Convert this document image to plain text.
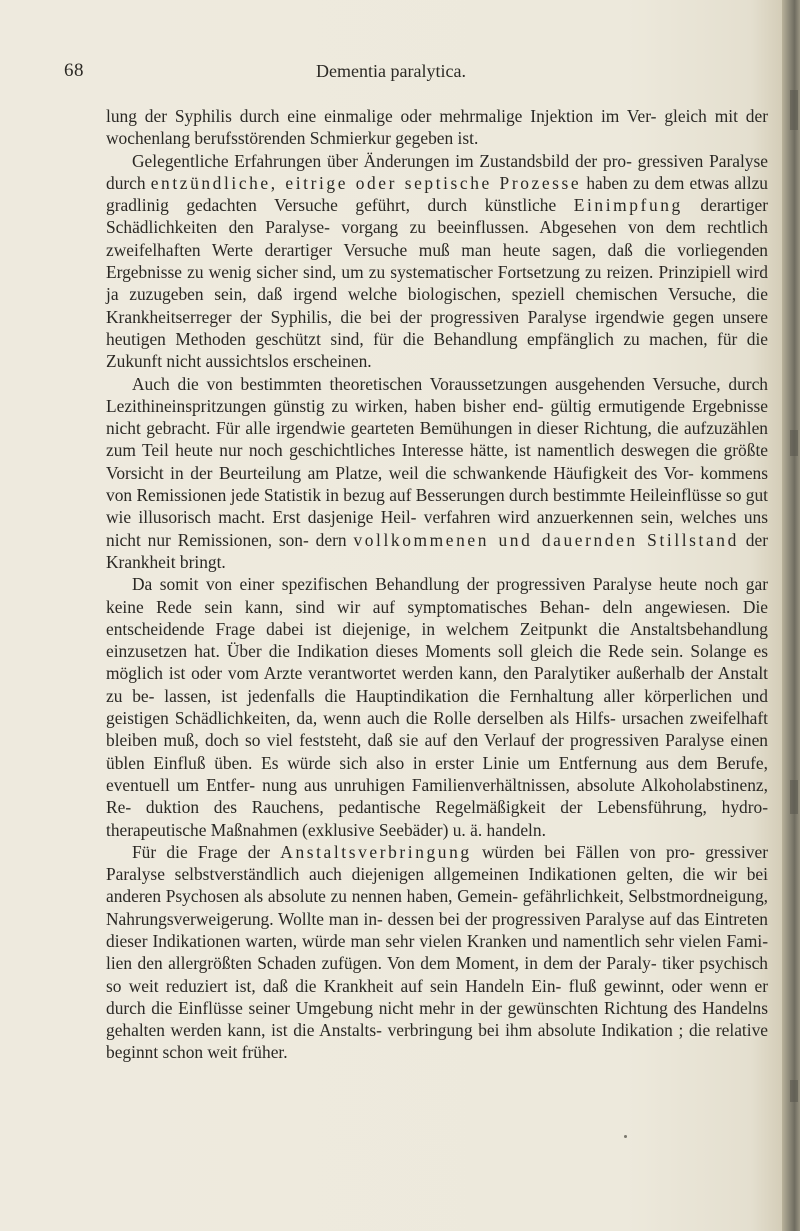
68	Dementia paralytica.

lung der Syphilis durch eine einmalige oder mehrmalige Injektion im Ver- gleich mit der wochenlang berufsstörenden Schmierkur gegeben ist.

Gelegentliche Erfahrungen über Änderungen im Zustandsbild der pro- gressiven Paralyse durch entzündliche, eitrige oder septische Prozesse haben zu dem etwas allzu gradlinig gedachten Versuche geführt, durch künstliche Einimpfung derartiger Schädlichkeiten den Paralyse- vorgang zu beeinflussen. Abgesehen von dem rechtlich zweifelhaften Werte derartiger Versuche muß man heute sagen, daß die vorliegenden Ergebnisse zu wenig sicher sind, um zu systematischer Fortsetzung zu reizen. Prinzipiell wird ja zuzugeben sein, daß irgend welche biologischen, speziell chemischen Versuche, die Krankheitserreger der Syphilis, die bei der progressiven Paralyse irgendwie gegen unsere heutigen Methoden geschützt sind, für die Behandlung empfänglich zu machen, für die Zukunft nicht aussichtslos erscheinen.

Auch die von bestimmten theoretischen Voraussetzungen ausgehenden Versuche, durch Lezithineinspritzungen günstig zu wirken, haben bisher end- gültig ermutigende Ergebnisse nicht gebracht. Für alle irgendwie gearteten Bemühungen in dieser Richtung, die aufzuzählen zum Teil heute nur noch geschichtliches Interesse hätte, ist namentlich deswegen die größte Vorsicht in der Beurteilung am Platze, weil die schwankende Häufigkeit des Vor- kommens von Remissionen jede Statistik in bezug auf Besserungen durch bestimmte Heileinflüsse so gut wie illusorisch macht. Erst dasjenige Heil- verfahren wird anzuerkennen sein, welches uns nicht nur Remissionen, son- dern vollkommenen und dauernden Stillstand der Krankheit bringt.

Da somit von einer spezifischen Behandlung der progressiven Paralyse heute noch gar keine Rede sein kann, sind wir auf symptomatisches Behan- deln angewiesen. Die entscheidende Frage dabei ist diejenige, in welchem Zeitpunkt die Anstaltsbehandlung einzusetzen hat. Über die Indikation dieses Moments soll gleich die Rede sein. Solange es möglich ist oder vom Arzte verantwortet werden kann, den Paralytiker außerhalb der Anstalt zu be- lassen, ist jedenfalls die Hauptindikation die Fernhaltung aller körperlichen und geistigen Schädlichkeiten, da, wenn auch die Rolle derselben als Hilfs- ursachen zweifelhaft bleiben muß, doch so viel feststeht, daß sie auf den Verlauf der progressiven Paralyse einen üblen Einfluß üben. Es würde sich also in erster Linie um Entfernung aus dem Berufe, eventuell um Entfer- nung aus unruhigen Familienverhältnissen, absolute Alkoholabstinenz, Re- duktion des Rauchens, pedantische Regelmäßigkeit der Lebensführung, hydro- therapeutische Maßnahmen (exklusive Seebäder) u. ä. handeln.

Für die Frage der Anstaltsverbringung würden bei Fällen von pro- gressiver Paralyse selbstverständlich auch diejenigen allgemeinen Indikationen gelten, die wir bei anderen Psychosen als absolute zu nennen haben, Gemein- gefährlichkeit, Selbstmordneigung, Nahrungsverweigerung. Wollte man in- dessen bei der progressiven Paralyse auf das Eintreten dieser Indikationen warten, würde man sehr vielen Kranken und namentlich sehr vielen Fami- lien den allergrößten Schaden zufügen. Von dem Moment, in dem der Paraly- tiker psychisch so weit reduziert ist, daß die Krankheit auf sein Handeln Ein- fluß gewinnt, oder wenn er durch die Einflüsse seiner Umgebung nicht mehr in der gewünschten Richtung des Handelns gehalten werden kann, ist die Anstalts- verbringung bei ihm absolute Indikation ; die relative beginnt schon weit früher.
